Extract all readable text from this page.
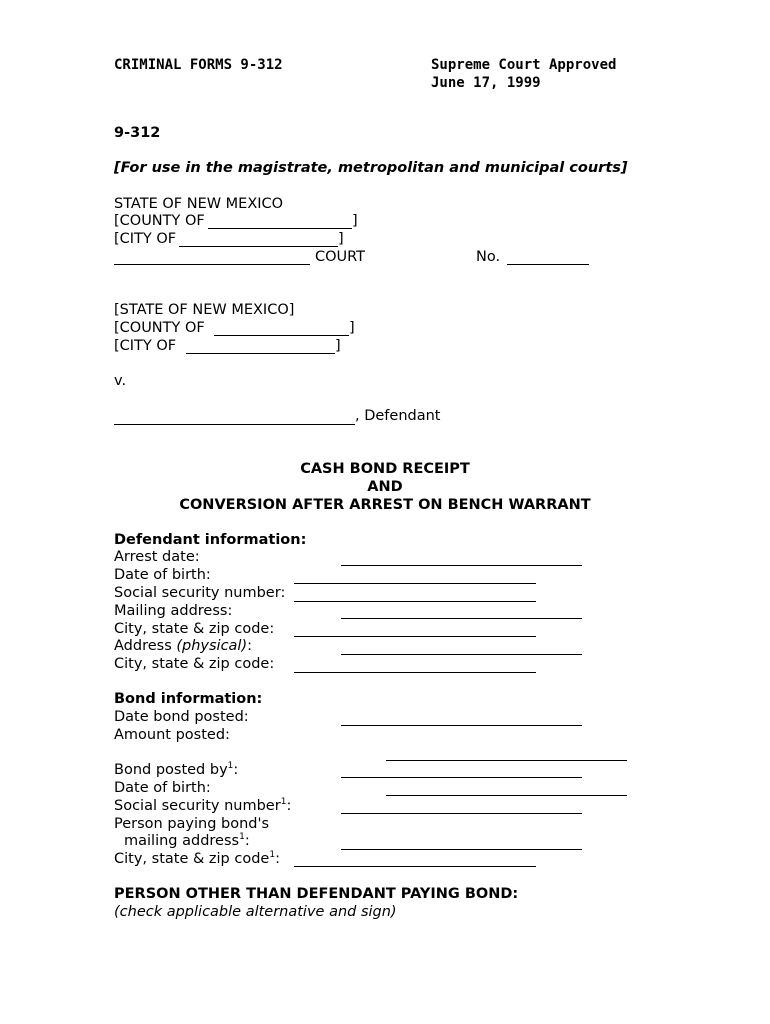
CRIMINAL FORMS 9-312	Supreme Court Approved
June 17, 1999
9-312
[For use in the magistrate, metropolitan and municipal courts]
STATE OF NEW MEXICO
[COUNTY OF	]
[CITY OF	]
COURT	No.
[STATE OF NEW MEXICO]
[COUNTY OF	]
[CITY OF	]
v.
, Defendant
CASH BOND RECEIPT
AND
CONVERSION AFTER ARREST ON BENCH WARRANT
Defendant information:
Arrest date:
Date of birth:
Social security number:
Mailing address:
City, state & zip code:
Address (physical):
City, state & zip code:
Bond information:
Date bond posted:
Amount posted:
Bond posted $by^1$:
Date of birth:
Social security number$^1$:
Person paying bond's
mailing address$^1$:
City, state & zip code$^1$:
PERSON OTHER THAN DEFENDANT PAYING BOND:
(check applicable alternative and sign)
